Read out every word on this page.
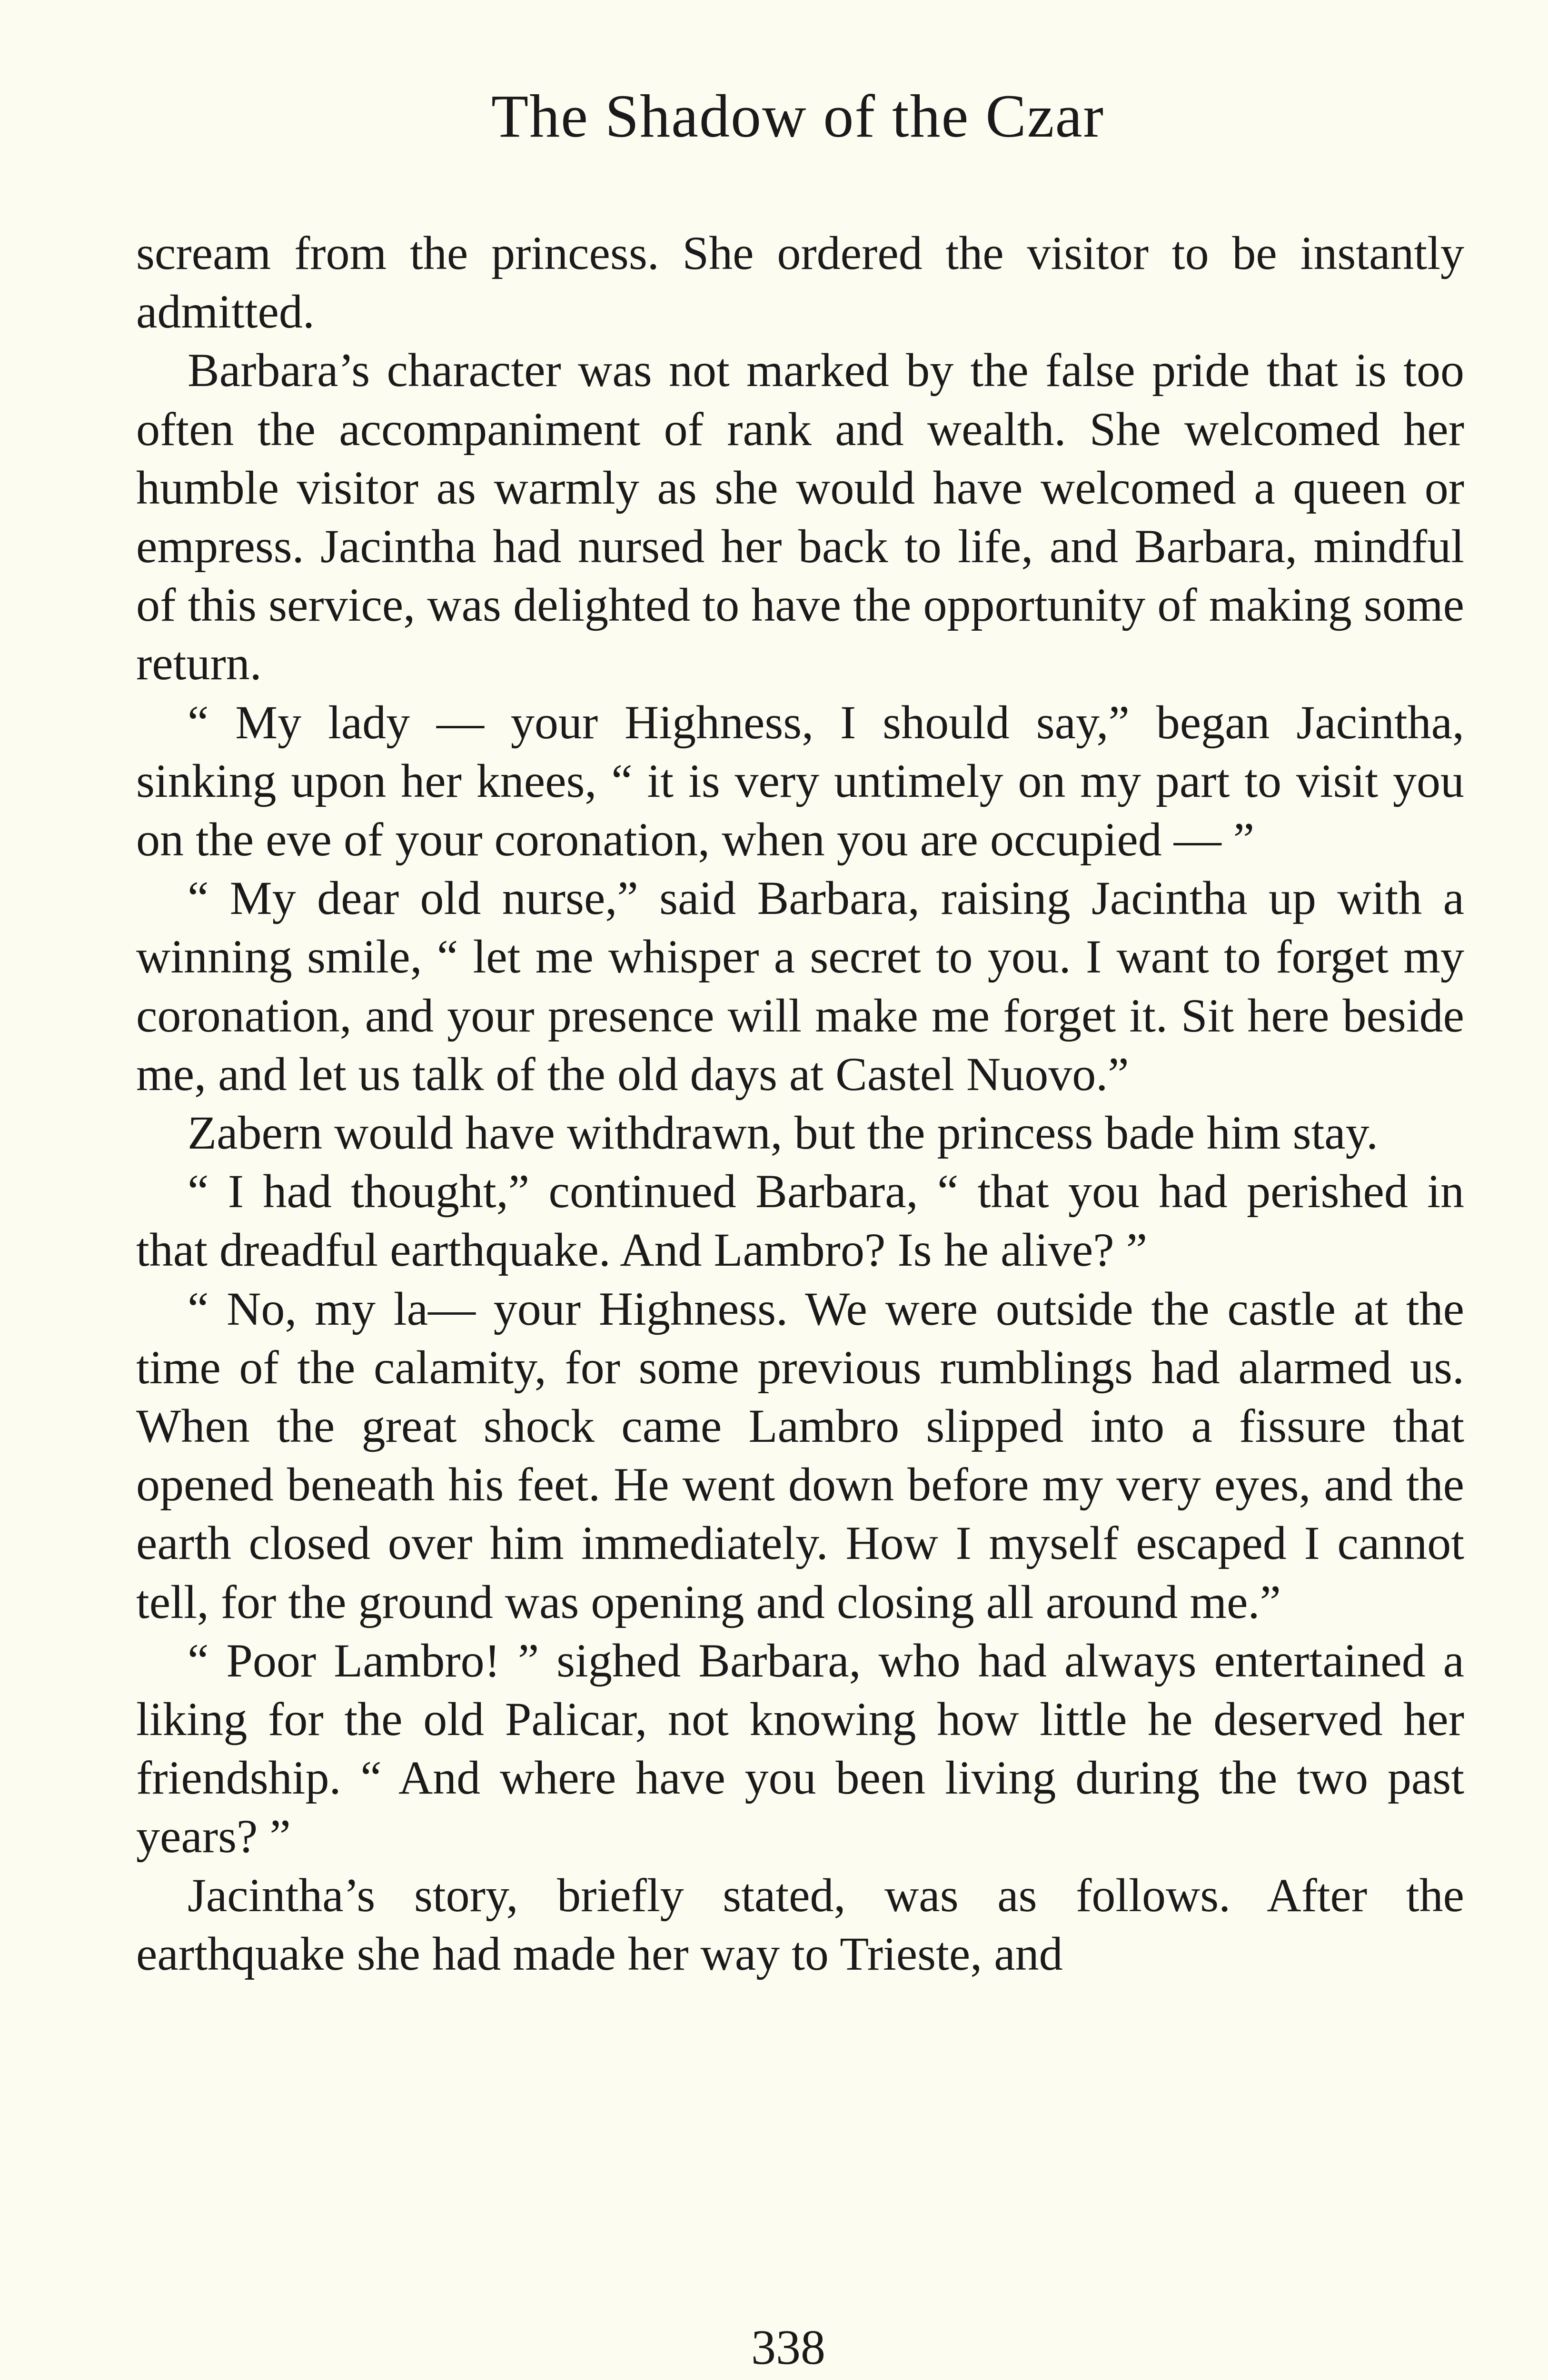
The Shadow of the Czar

scream from the princess. She ordered the visitor to be instantly admitted.

Barbara’s character was not marked by the false pride that is too often the accompaniment of rank and wealth. She welcomed her humble visitor as warmly as she would have welcomed a queen or empress. Jacintha had nursed her back to life, and Barbara, mindful of this service, was delighted to have the opportunity of making some return.

“ My lady — your Highness, I should say,” began Jacintha, sinking upon her knees, “ it is very untimely on my part to visit you on the eve of your coronation, when you are occupied — ”

“ My dear old nurse,” said Barbara, raising Jacintha up with a winning smile, “ let me whisper a secret to you. I want to forget my coronation, and your presence will make me forget it. Sit here beside me, and let us talk of the old days at Castel Nuovo.”

Zabern would have withdrawn, but the princess bade him stay.

“ I had thought,” continued Barbara, “ that you had perished in that dreadful earthquake. And Lambro? Is he alive? ”

“ No, my la— your Highness. We were outside the castle at the time of the calamity, for some previous rumblings had alarmed us. When the great shock came Lambro slipped into a fissure that opened beneath his feet. He went down before my very eyes, and the earth closed over him immediately. How I myself escaped I cannot tell, for the ground was opening and closing all around me.”

“ Poor Lambro! ” sighed Barbara, who had always entertained a liking for the old Palicar, not knowing how little he deserved her friendship. “ And where have you been living during the two past years? ”

Jacintha’s story, briefly stated, was as follows. After the earthquake she had made her way to Trieste, and

338
